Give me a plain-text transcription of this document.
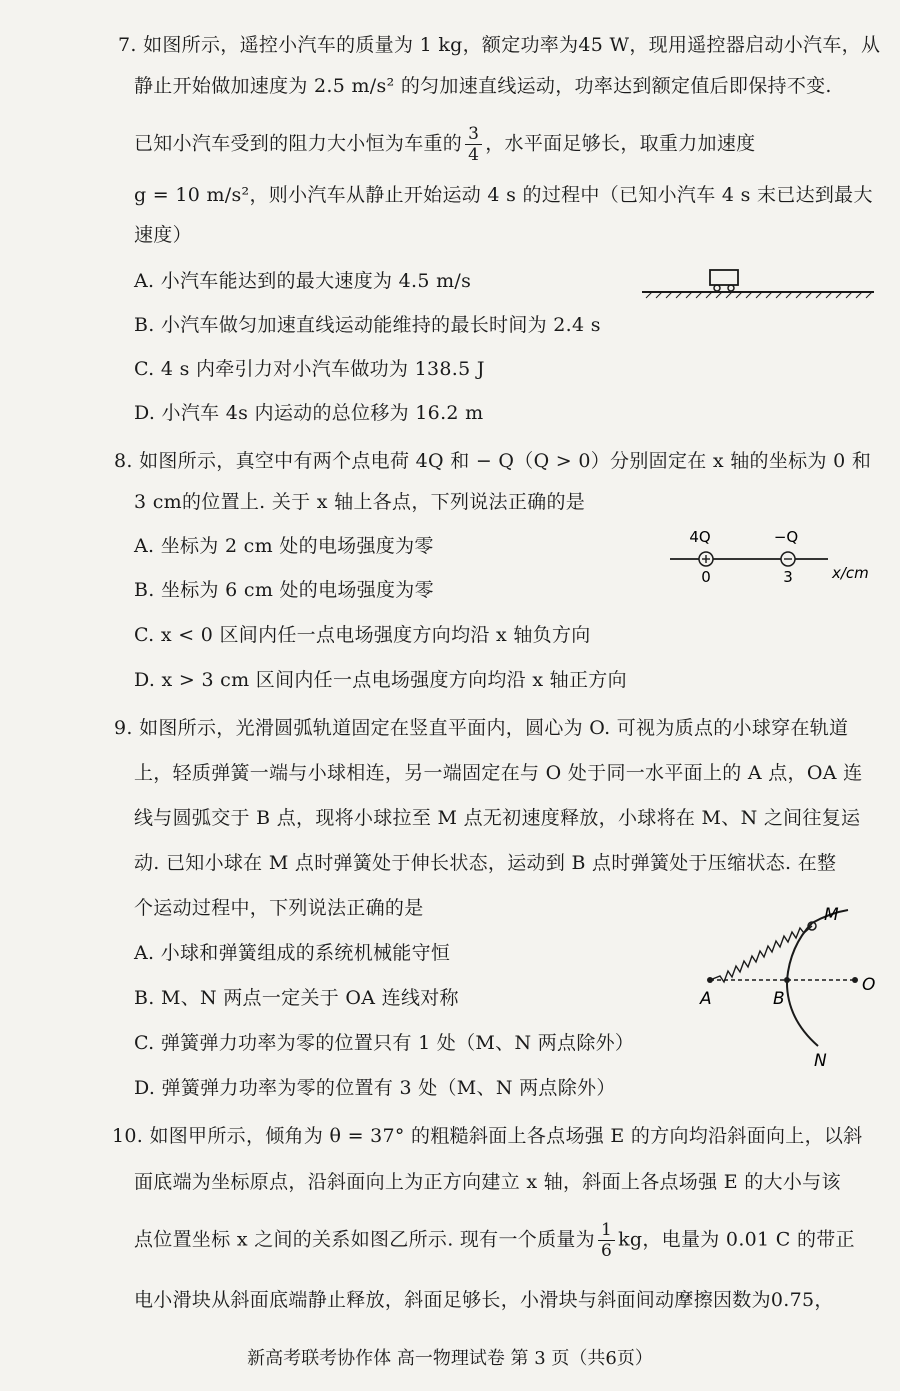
7. 如图所示，遥控小汽车的质量为 1 kg，额定功率为45 W，现用遥控器启动小汽车，从
静止开始做加速度为 2.5 m/s² 的匀加速直线运动，功率达到额定值后即保持不变.
已知小汽车受到的阻力大小恒为车重的 $\frac{3}{4}$ ，水平面足够长，取重力加速度
g = 10 m/s²，则小汽车从静止开始运动 4 s 的过程中（已知小汽车 4 s 末已达到最大
速度）
A. 小汽车能达到的最大速度为 4.5 m/s
B. 小汽车做匀加速直线运动能维持的最长时间为 2.4 s
C. 4 s 内牵引力对小汽车做功为 138.5 J
D. 小汽车 4s 内运动的总位移为 16.2 m
8. 如图所示，真空中有两个点电荷 4Q 和 − Q（Q > 0）分别固定在 x 轴的坐标为 0 和
3 cm的位置上. 关于 x 轴上各点，下列说法正确的是
A. 坐标为 2 cm 处的电场强度为零
B. 坐标为 6 cm 处的电场强度为零
C. x < 0 区间内任一点电场强度方向均沿 x 轴负方向
D. x > 3 cm 区间内任一点电场强度方向均沿 x 轴正方向
4Q	−Q
0	3	x/cm
9. 如图所示，光滑圆弧轨道固定在竖直平面内，圆心为 O. 可视为质点的小球穿在轨道
上，轻质弹簧一端与小球相连，另一端固定在与 O 处于同一水平面上的 A 点，OA 连
线与圆弧交于 B 点，现将小球拉至 M 点无初速度释放，小球将在 M、N 之间往复运
动. 已知小球在 M 点时弹簧处于伸长状态，运动到 B 点时弹簧处于压缩状态. 在整
个运动过程中，下列说法正确的是
A. 小球和弹簧组成的系统机械能守恒
B. M、N 两点一定关于 OA 连线对称
C. 弹簧弹力功率为零的位置只有 1 处（M、N 两点除外）
D. 弹簧弹力功率为零的位置有 3 处（M、N 两点除外）
M
A	B
O
N
10. 如图甲所示，倾角为 θ = 37° 的粗糙斜面上各点场强 E 的方向均沿斜面向上，以斜
面底端为坐标原点，沿斜面向上为正方向建立 x 轴，斜面上各点场强 E 的大小与该
点位置坐标 x 之间的关系如图乙所示. 现有一个质量为 $\frac{1}{6}$ kg，电量为 0.01 C 的带正
电小滑块从斜面底端静止释放，斜面足够长，小滑块与斜面间动摩擦因数为0.75，
新高考联考协作体 高一物理试卷 第 3 页（共6页）
